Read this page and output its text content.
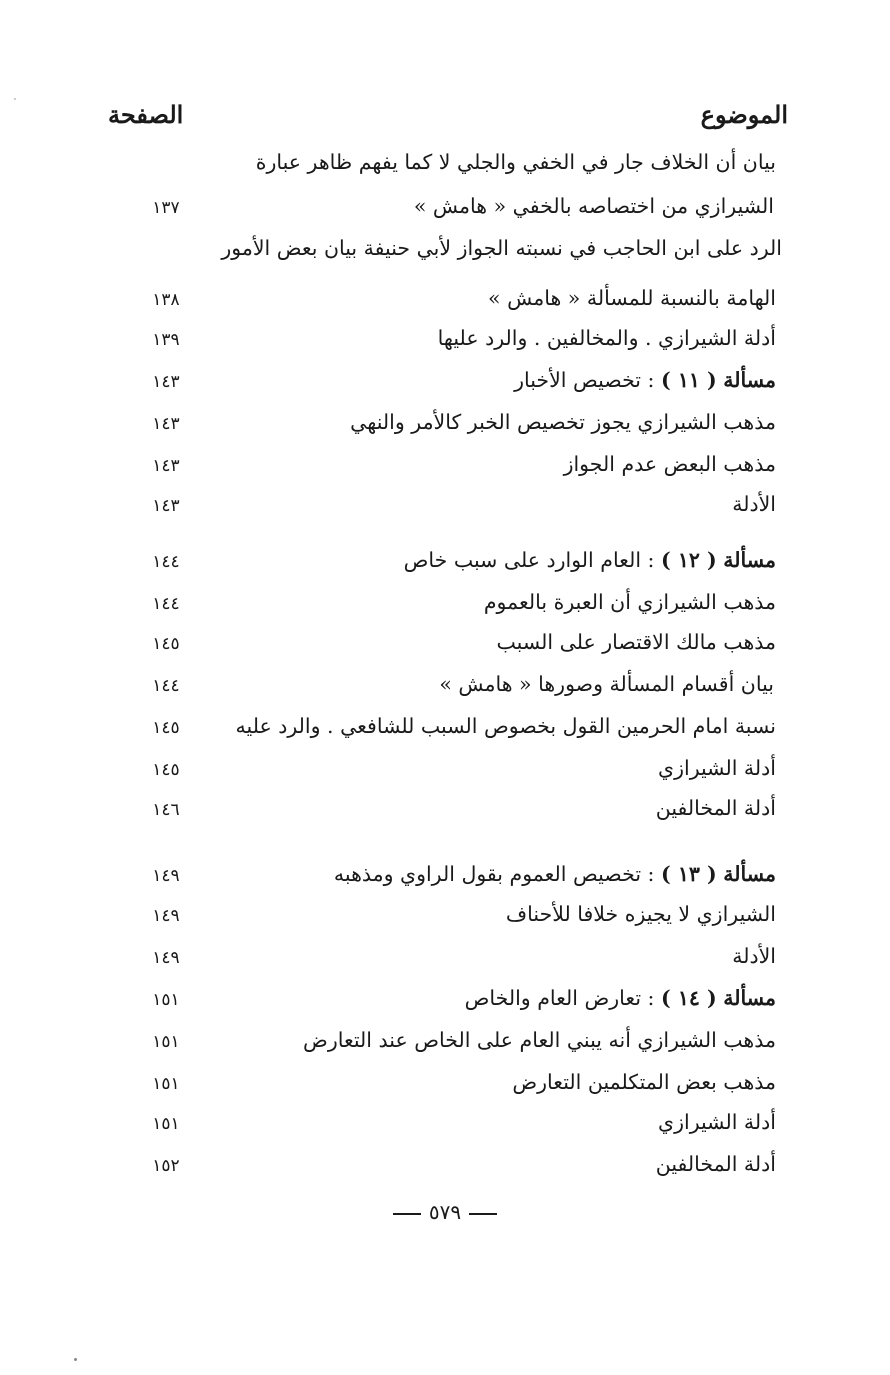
الموضوع
الصفحة
بيان أن الخلاف جار في الخفي والجلي لا كما يفهم ظاهر عبارة
الشيرازي من اختصاصه بالخفي « هامش »
١٣٧
الرد على ابن الحاجب في نسبته الجواز لأبي حنيفة بيان بعض الأمور
الهامة بالنسبة للمسألة « هامش »
١٣٨
أدلة الشيرازي . والمخالفين . والرد عليها
١٣٩
مسألة ( ١١ ) : تخصيص الأخبار
١٤٣
مذهب الشيرازي يجوز تخصيص الخبر كالأمر والنهي
١٤٣
مذهب البعض عدم الجواز
١٤٣
الأدلة
١٤٣
مسألة ( ١٢ ) : العام الوارد على سبب خاص
١٤٤
مذهب الشيرازي أن العبرة بالعموم
١٤٤
مذهب مالك الاقتصار على السبب
١٤٥
بيان أقسام المسألة وصورها « هامش »
١٤٤
نسبة امام الحرمين القول بخصوص السبب للشافعي . والرد عليه
١٤٥
أدلة الشيرازي
١٤٥
أدلة المخالفين
١٤٦
مسألة ( ١٣ ) : تخصيص العموم بقول الراوي ومذهبه
١٤٩
الشيرازي لا يجيزه خلافا للأحناف
١٤٩
الأدلة
١٤٩
مسألة ( ١٤ ) : تعارض العام والخاص
١٥١
مذهب الشيرازي أنه يبني العام على الخاص عند التعارض
١٥١
مذهب بعض المتكلمين التعارض
١٥١
أدلة الشيرازي
١٥١
أدلة المخالفين
١٥٢
٥٧٩
